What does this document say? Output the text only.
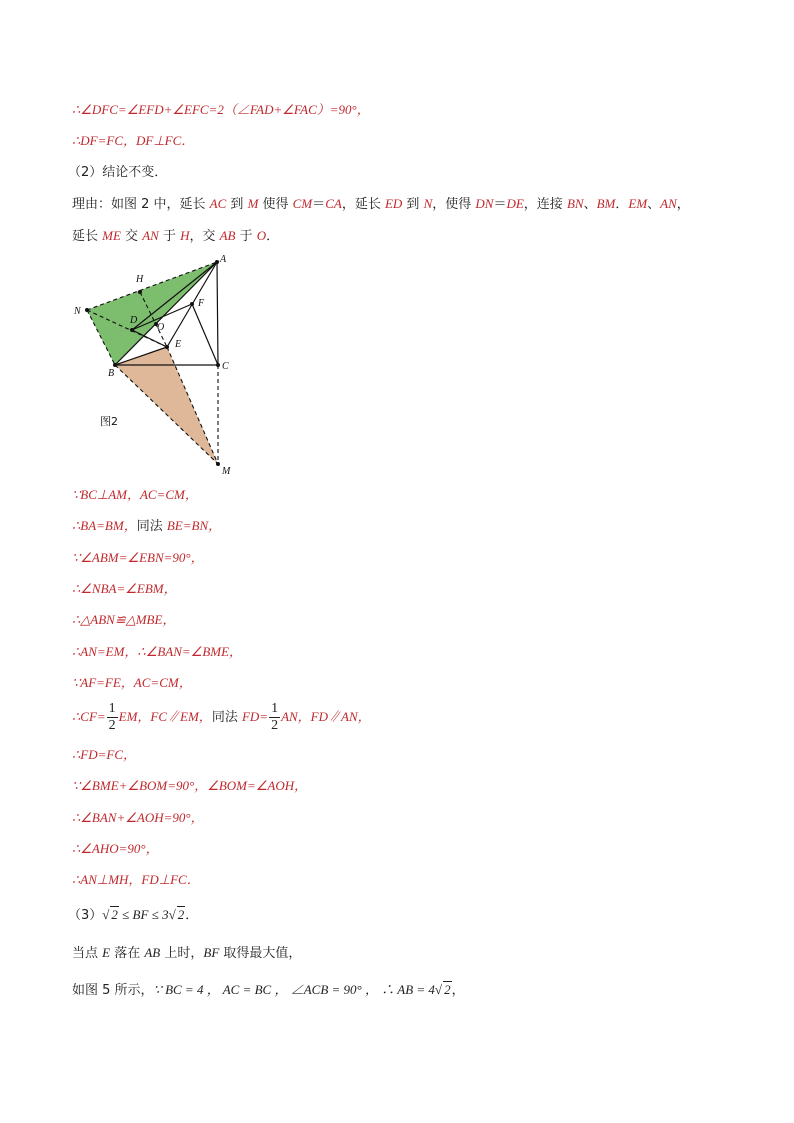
∴∠DFC=∠EFD+∠EFC=2（∠FAD+∠FAC）=90°，
∴DF=FC，DF⊥FC．
（2）结论不变．
理由：如图 2 中，延长 AC 到 M 使得 CM＝CA，延长 ED 到 N，使得 DN＝DE，连接 BN、BM．EM、AN，
延长 ME 交 AN 于 H，交 AB 于 O．
A
B
C
D
E
F
H
M
N
O
图2
∵BC⊥AM，AC=CM，
∴BA=BM，同法 BE=BN，
∵∠ABM=∠EBN=90°，
∴∠NBA=∠EBM，
∴△ABN≌△MBE，
∴AN=EM，∴∠BAN=∠BME，
∵AF=FE，AC=CM，
∴CF= $\frac{1}{2}$ EM，FC∥EM，同法 $FD= \frac{1}{2}$ AN，FD∥AN，
∴FD=FC，
∵∠BME+∠BOM=90°，∠BOM=∠AOH，
∴∠BAN+∠AOH=90°，
∴∠AHO=90°，
∴AN⊥MH，FD⊥FC．
（3）√ 2 ≤ BF ≤ 3√ 2．
当点 E 落在 AB 上时，BF 取得最大值，
如图 5 所示，∵ BC = 4 ， AC = BC ， ∠ACB = 90° ， ∴ AB = 4√ 2，
